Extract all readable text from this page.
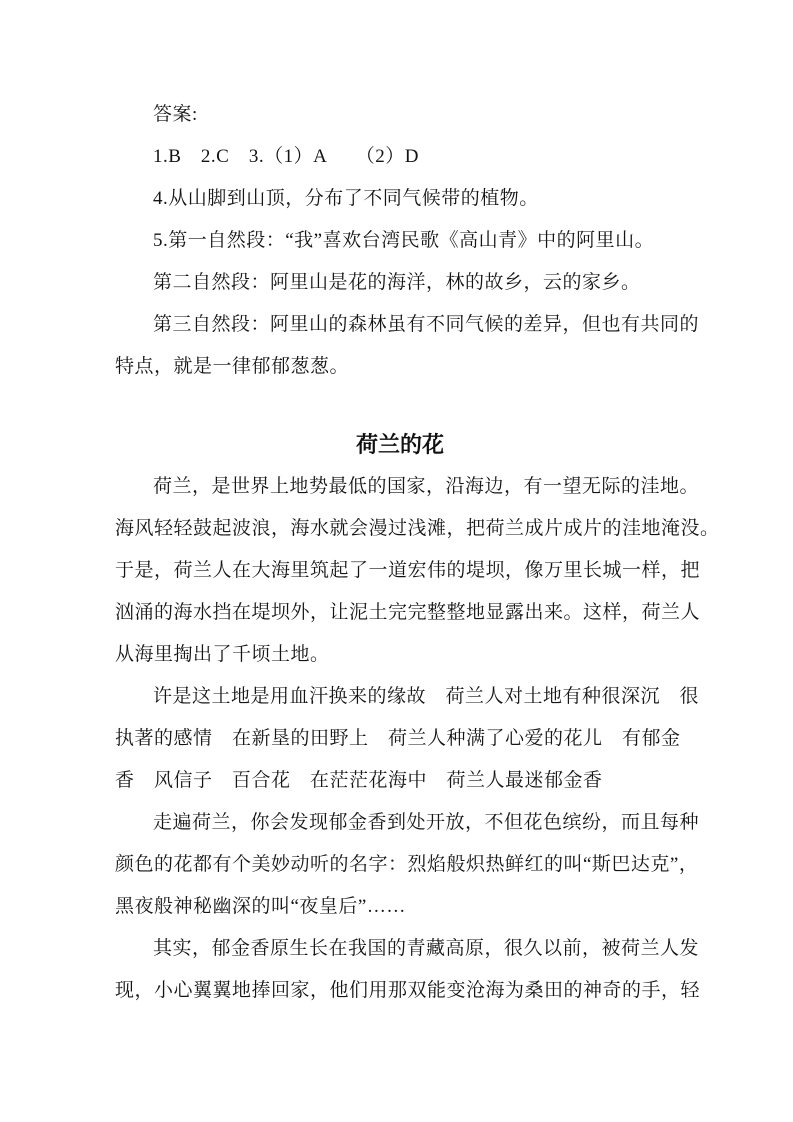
答案:
1.B　2.C　3.（1）A　　（2）D
4.从山脚到山顶，分布了不同气候带的植物。
5.第一自然段：“我”喜欢台湾民歌《高山青》中的阿里山。
第二自然段：阿里山是花的海洋，林的故乡，云的家乡。
第三自然段：阿里山的森林虽有不同气候的差异，但也有共同的
特点，就是一律郁郁葱葱。
荷兰的花
荷兰，是世界上地势最低的国家，沿海边，有一望无际的洼地。
海风轻轻鼓起波浪，海水就会漫过浅滩，把荷兰成片成片的洼地淹没。
于是，荷兰人在大海里筑起了一道宏伟的堤坝，像万里长城一样，把
汹涌的海水挡在堤坝外，让泥土完完整整地显露出来。这样，荷兰人
从海里掏出了千顷土地。
许是这土地是用血汗换来的缘故　荷兰人对土地有种很深沉　很
执著的感情　在新垦的田野上　荷兰人种满了心爱的花儿　有郁金
香　风信子　百合花　在茫茫花海中　荷兰人最迷郁金香
走遍荷兰，你会发现郁金香到处开放，不但花色缤纷，而且每种
颜色的花都有个美妙动听的名字：烈焰般炽热鲜红的叫“斯巴达克”，
黑夜般神秘幽深的叫“夜皇后”……
其实，郁金香原生长在我国的青藏高原，很久以前，被荷兰人发
现，小心翼翼地捧回家，他们用那双能变沧海为桑田的神奇的手，轻
